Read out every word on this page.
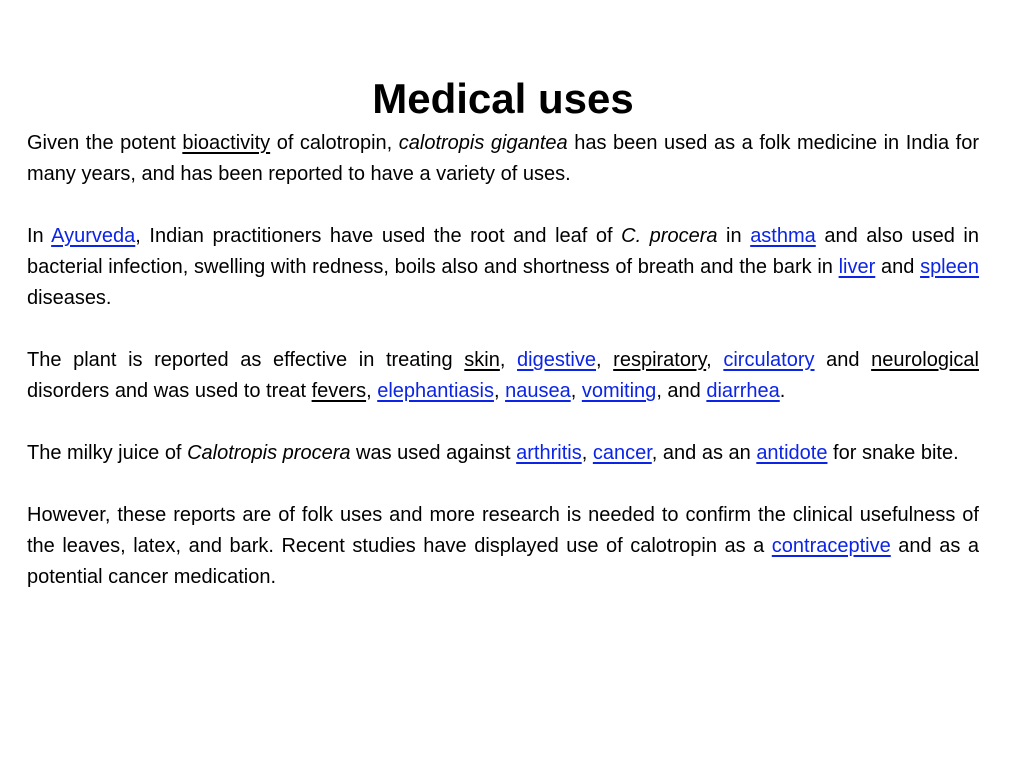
Medical uses

Given the potent bioactivity of calotropin, calotropis gigantea has been used as a folk medicine in India for many years, and has been reported to have a variety of uses.

In Ayurveda, Indian practitioners have used the root and leaf of C. procera in asthma and also used in bacterial infection, swelling with redness, boils also and shortness of breath and the bark in liver and spleen diseases.

The plant is reported as effective in treating skin, digestive, respiratory, circulatory and neurological disorders and was used to treat fevers, elephantiasis, nausea, vomiting, and diarrhea.

The milky juice of Calotropis procera was used against arthritis, cancer, and as an antidote for snake bite.

However, these reports are of folk uses and more research is needed to confirm the clinical usefulness of the leaves, latex, and bark. Recent studies have displayed use of calotropin as a contraceptive and as a potential cancer medication.
